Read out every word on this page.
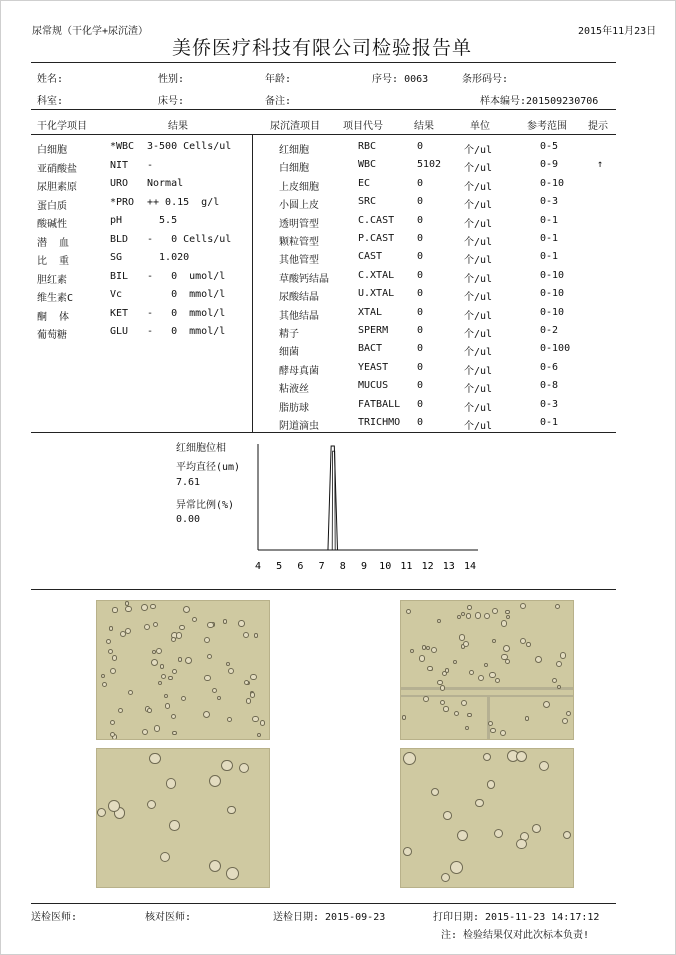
尿常规（干化学+尿沉渣）	2015年11月23日
美侨医疗科技有限公司检验报告单
姓名:	性别:	年龄:	序号: 0063	条形码号:
科室:	床号:	备注:	样本编号:201509230706
干化学项目	结果	尿沉渣项目 项目代号	结果	单位	参考范围 提示
白细胞	*WBC 3-500 Cells/ul
亚硝酸盐	NIT -
尿胆素原	URO Normal
蛋白质	*PRO ++ 0.15  g/l
酸碱性	pH 5.5
潜  血	BLD -   0 Cells/ul
比  重	SG 1.020
胆红素	BIL -   0  umol/l
维生素C	Vc 0  mmol/l
酮  体	KET -   0  mmol/l
葡萄糖	GLU -   0  mmol/l
红细胞	RBC	0	个/ul	0-5
白细胞	WBC	5102 个/ul	0-9	↑
上皮细胞	EC	0	个/ul	0-10
小圆上皮	SRC	0	个/ul	0-3
透明管型	C.CAST 0	个/ul	0-1
颗粒管型	P.CAST 0	个/ul	0-1
其他管型	CAST	0	个/ul	0-1
草酸钙结晶	C.XTAL 0	个/ul	0-10
尿酸结晶	U.XTAL 0	个/ul	0-10
其他结晶	XTAL	0	个/ul	0-10
精子	SPERM	0	个/ul	0-2
细菌	BACT	0	个/ul	0-100
酵母真菌	YEAST	0	个/ul	0-6
粘液丝	MUCUS	0	个/ul	0-8
脂肪球	FATBALL 0	个/ul	0-3
阴道滴虫	TRICHMO 0	个/ul	0-1
红细胞位相
平均直径(um)
7.61
异常比例(%)
0.00
4 5 6 7 8 9 10 11 12 13 14
送检医师:	核对医师:	送检日期: 2015-09-23	打印日期: 2015-11-23 14:17:12
注: 检验结果仅对此次标本负责!
